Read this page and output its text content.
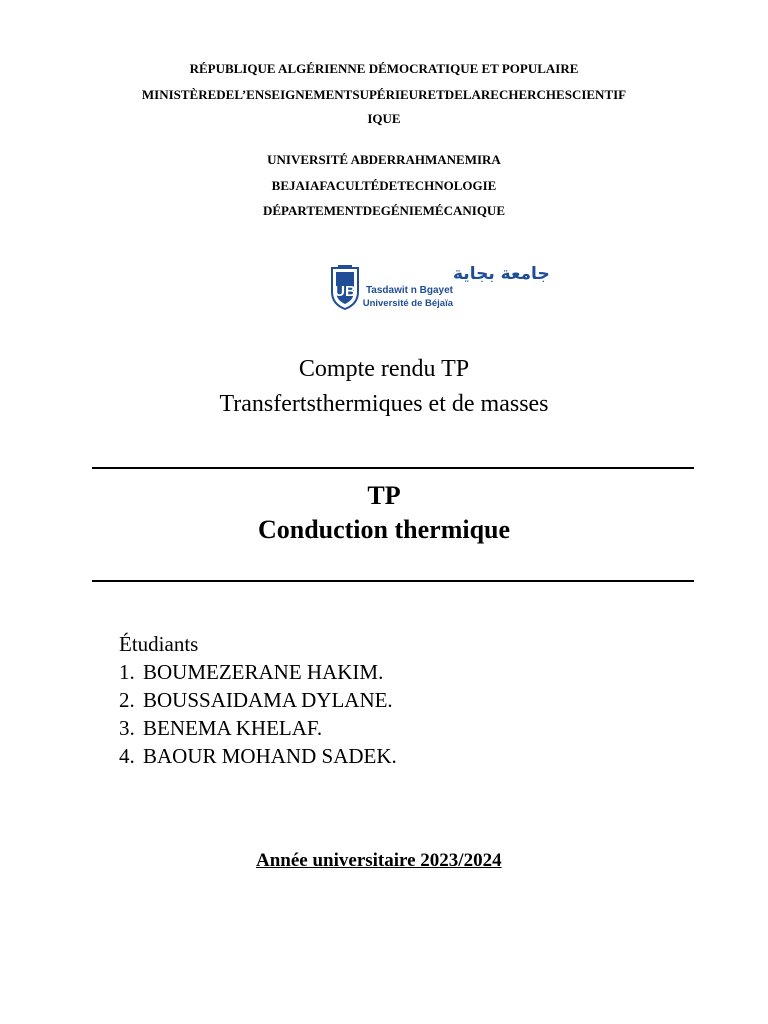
RÉPUBLIQUE ALGÉRIENNE DÉMOCRATIQUE ET POPULAIRE
MINISTÈREDEL’ENSEIGNEMENTSUPÉRIEURETDELARECHERCHESCIENTIF
IQUE
UNIVERSITÉ ABDERRAHMANEMIRA
BEJAIAFACULTÉDETECHNOLOGIE
DÉPARTEMENTDEGÉNIEMÉCANIQUE
UB
جامعة بجاية
Tasdawit n Bgayet
Université de Béjaïa
Compte rendu TP
Transfertsthermiques et de masses
TP
Conduction thermique
Étudiants
1. BOUMEZERANE HAKIM.
2. BOUSSAIDAMA DYLANE.
3. BENEMA KHELAF.
4. BAOUR MOHAND SADEK.
Année universitaire 2023/2024
